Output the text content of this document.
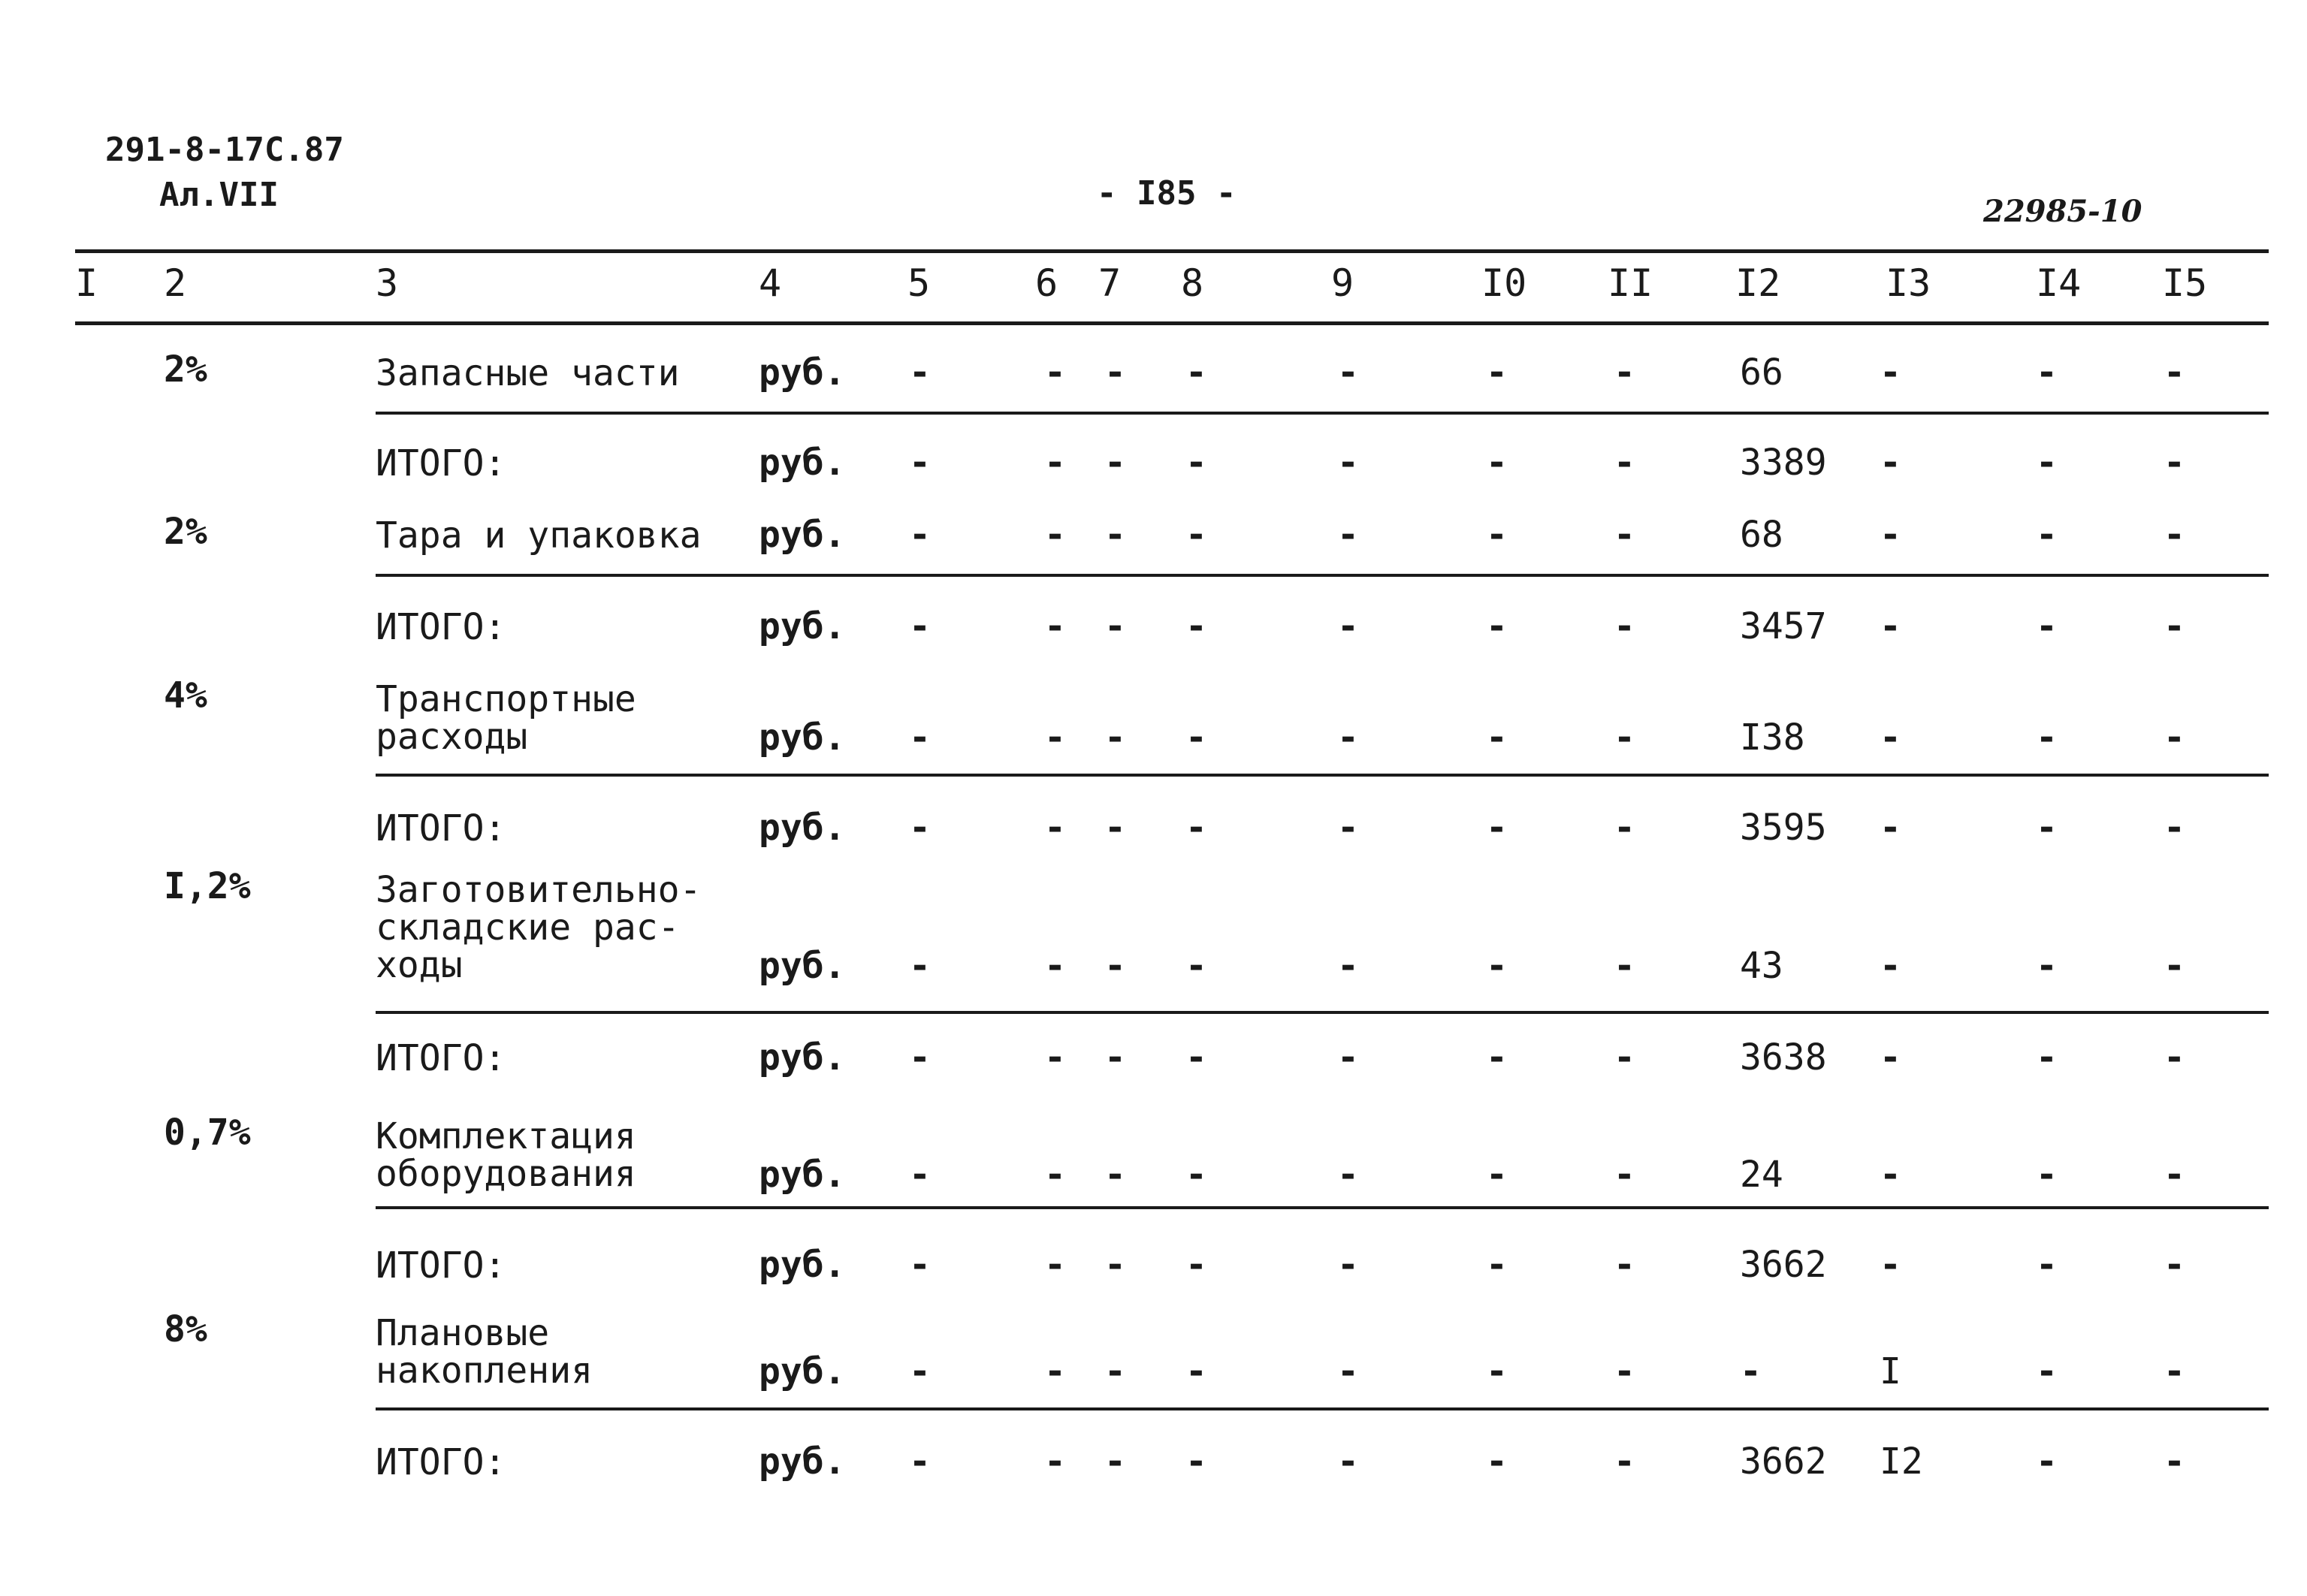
291-8-17С.87
Ал.VII	- I85 -	22985-10
I 2	3	4	5	6 7 8	9	I0 II I2	I3	I4 I5
2%	Запасные части руб. -	- - -	-	-	-	66	-	-	-
ИТОГО:	руб. -	- - -	-	-	-	3389 -	-	-
2%	Тара и упаковка руб. -	- - -	-	-	-	68	-	-	-
ИТОГО:	руб. -	- - -	-	-	-	3457 -	-	-
4%	Транспортные
расходы	руб. -	- - -	-	-	-	I38 -	-	-
ИТОГО:	руб. -	- - -	-	-	-	3595 -	-	-
I,2%	Заготовительно-
складские рас-
ходы	руб. -	- - -	-	-	-	43	-	-	-
ИТОГО:	руб. -	- - -	-	-	-	3638 -	-	-
0,7%	Комплектация
оборудования	руб. -	- - -	-	-	-	24	-	-	-
ИТОГО:	руб. -	- - -	-	-	-	3662 -	-	-
8%	Плановые
накопления	руб. -	- - -	-	-	-	-	I	-	-
ИТОГО:	руб. -	- - -	-	-	-	3662 I2	-	-
